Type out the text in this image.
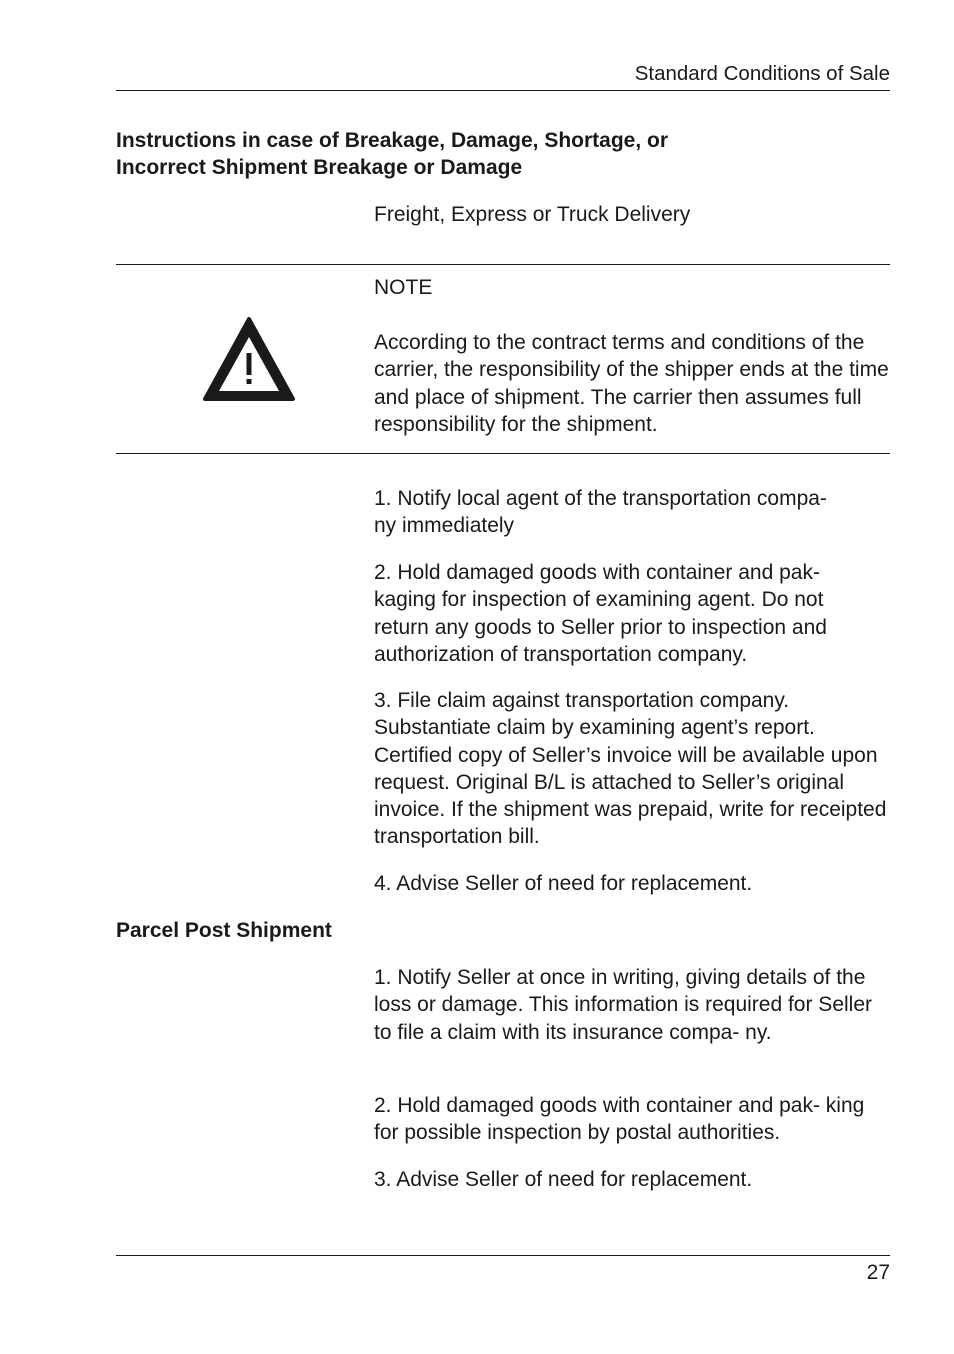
Standard Conditions of Sale
Instructions in case of Breakage, Damage, Shortage, or
Incorrect Shipment Breakage or Damage
Freight, Express or Truck Delivery
NOTE

According to the contract terms and conditions of the carrier, the responsibility of the shipper ends at the time and place of shipment. The carrier then assumes full responsibility for the shipment.

1. Notify local agent of the transportation compa-

ny immediately

2. Hold damaged goods with container and pak- kaging for inspection of examining agent. Do not return any goods to Seller prior to inspection and authorization of transportation company.

3. File claim against transportation company. Substantiate claim by examining agent’s report. Certified copy of Seller’s invoice will be available upon request. Original B/L is attached to Seller’s original invoice. If the shipment was prepaid, write for receipted transportation bill.

4. Advise Seller of need for replacement.

Parcel Post Shipment

1. Notify Seller at once in writing, giving details of the loss or damage. This information is required for Seller to file a claim with its insurance compa- ny.

2. Hold damaged goods with container and pak- king for possible inspection by postal authorities.

3. Advise Seller of need for replacement.

27
